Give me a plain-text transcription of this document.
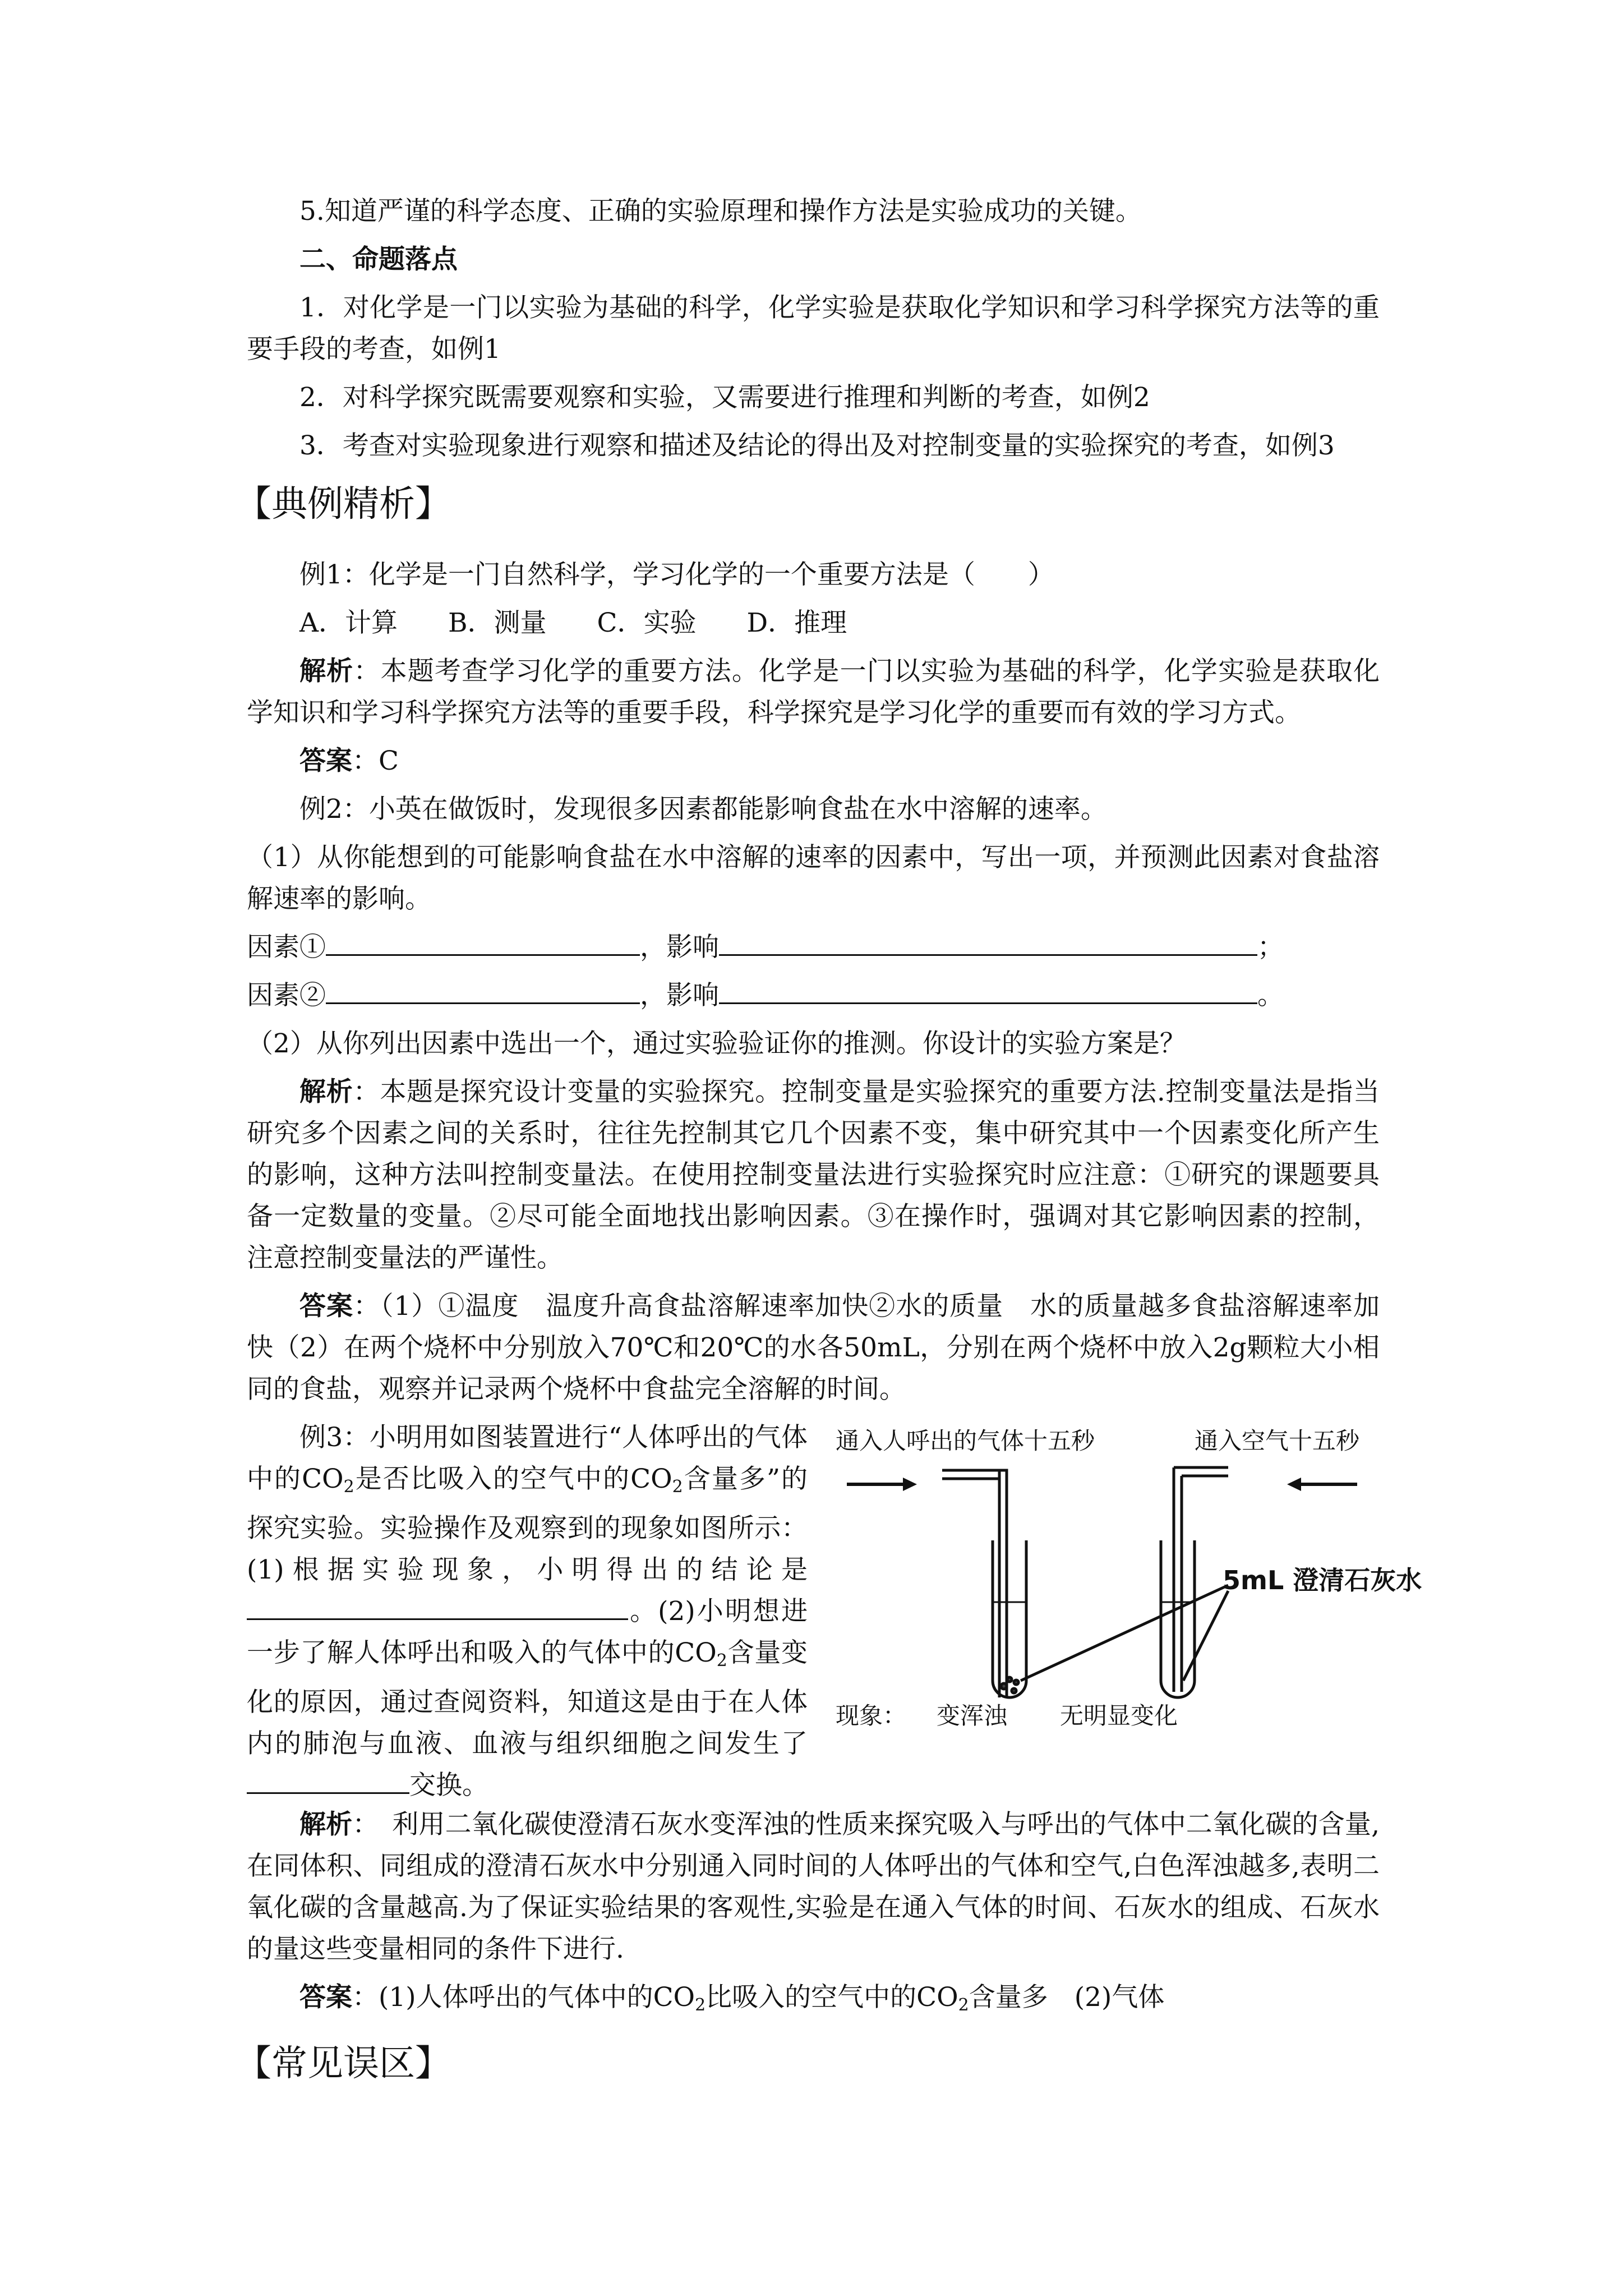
5.知道严谨的科学态度、正确的实验原理和操作方法是实验成功的关键。

二、命题落点

1．对化学是一门以实验为基础的科学，化学实验是获取化学知识和学习科学探究方法等的重要手段的考查，如例1

2．对科学探究既需要观察和实验，又需要进行推理和判断的考查，如例2

3．考查对实验现象进行观察和描述及结论的得出及对控制变量的实验探究的考查，如例3

【典例精析】

例1：化学是一门自然科学，学习化学的一个重要方法是（　　）

A．计算 B．测量 C．实验 D．推理

解析：本题考查学习化学的重要方法。化学是一门以实验为基础的科学，化学实验是获取化学知识和学习科学探究方法等的重要手段，科学探究是学习化学的重要而有效的学习方式。

答案：C

例2：小英在做饭时，发现很多因素都能影响食盐在水中溶解的速率。

（1）从你能想到的可能影响食盐在水中溶解的速率的因素中，写出一项，并预测此因素对食盐溶解速率的影响。

因素①	，影响	；

因素②	，影响	。

（2）从你列出因素中选出一个，通过实验验证你的推测。你设计的实验方案是？

解析：本题是探究设计变量的实验探究。控制变量是实验探究的重要方法.控制变量法是指当研究多个因素之间的关系时，往往先控制其它几个因素不变，集中研究其中一个因素变化所产生的影响，这种方法叫控制变量法。在使用控制变量法进行实验探究时应注意：①研究的课题要具备一定数量的变量。②尽可能全面地找出影响因素。③在操作时，强调对其它影响因素的控制，注意控制变量法的严谨性。

答案：（1）①温度　温度升高食盐溶解速率加快②水的质量　水的质量越多食盐溶解速率加快（2）在两个烧杯中分别放入70℃和20℃的水各50mL，分别在两个烧杯中放入2g颗粒大小相同的食盐，观察并记录两个烧杯中食盐完全溶解的时间。

例3：小明用如图装置进行“人体呼出的气体中的$CO_2$是否比吸入的空气中的$CO_2$含量多”的探究实验。实验操作及观察到的现象如图所示：(1)根据实验现象，小明得出的结论是。(2)小明想进一步了解人体呼出和吸入的气体中的$CO_2$含量变化的原因，通过查阅资料，知道这是由于在人体内的肺泡与血液、血液与组织细胞之间发生了交换。

通入人呼出的气体十五秒	通入空气十五秒
5mL 澄清石灰水
现象： 变浑浊 无明显变化

解析：　利用二氧化碳使澄清石灰水变浑浊的性质来探究吸入与呼出的气体中二氧化碳的含量,在同体积、同组成的澄清石灰水中分别通入同时间的人体呼出的气体和空气,白色浑浊越多,表明二氧化碳的含量越高.为了保证实验结果的客观性,实验是在通入气体的时间、石灰水的组成、石灰水的量这些变量相同的条件下进行.

答案：(1)人体呼出的气体中的$CO_2$比吸入的空气中的$CO_2$含量多　(2)气体

【常见误区】
